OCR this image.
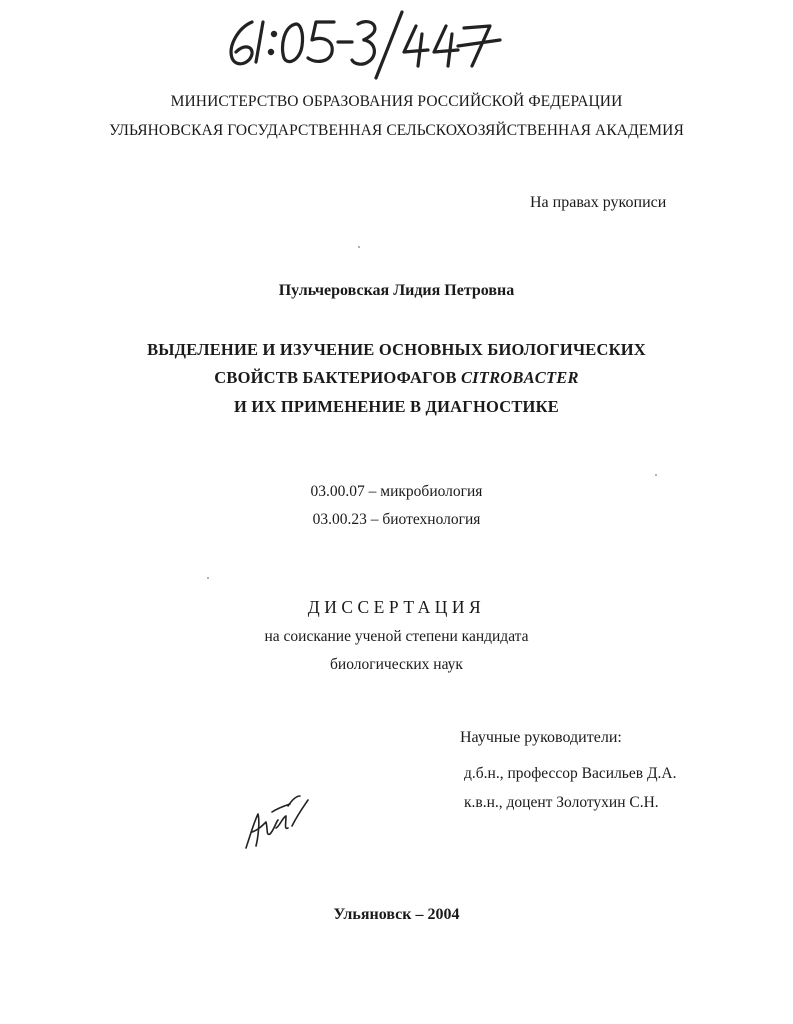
МИНИСТЕРСТВО ОБРАЗОВАНИЯ РОССИЙСКОЙ ФЕДЕРАЦИИ
УЛЬЯНОВСКАЯ ГОСУДАРСТВЕННАЯ СЕЛЬСКОХОЗЯЙСТВЕННАЯ АКАДЕМИЯ
На правах рукописи
Пульчеровская Лидия Петровна
ВЫДЕЛЕНИЕ И ИЗУЧЕНИЕ ОСНОВНЫХ БИОЛОГИЧЕСКИХ
СВОЙСТВ БАКТЕРИОФАГОВ CITROBACTER
И ИХ ПРИМЕНЕНИЕ В ДИАГНОСТИКЕ
03.00.07 – микробиология
03.00.23 – биотехнология
ДИССЕРТАЦИЯ
на соискание ученой степени кандидата
биологических наук
Научные руководители:
д.б.н., профессор Васильев Д.А.
к.в.н., доцент Золотухин С.Н.
Ульяновск – 2004
